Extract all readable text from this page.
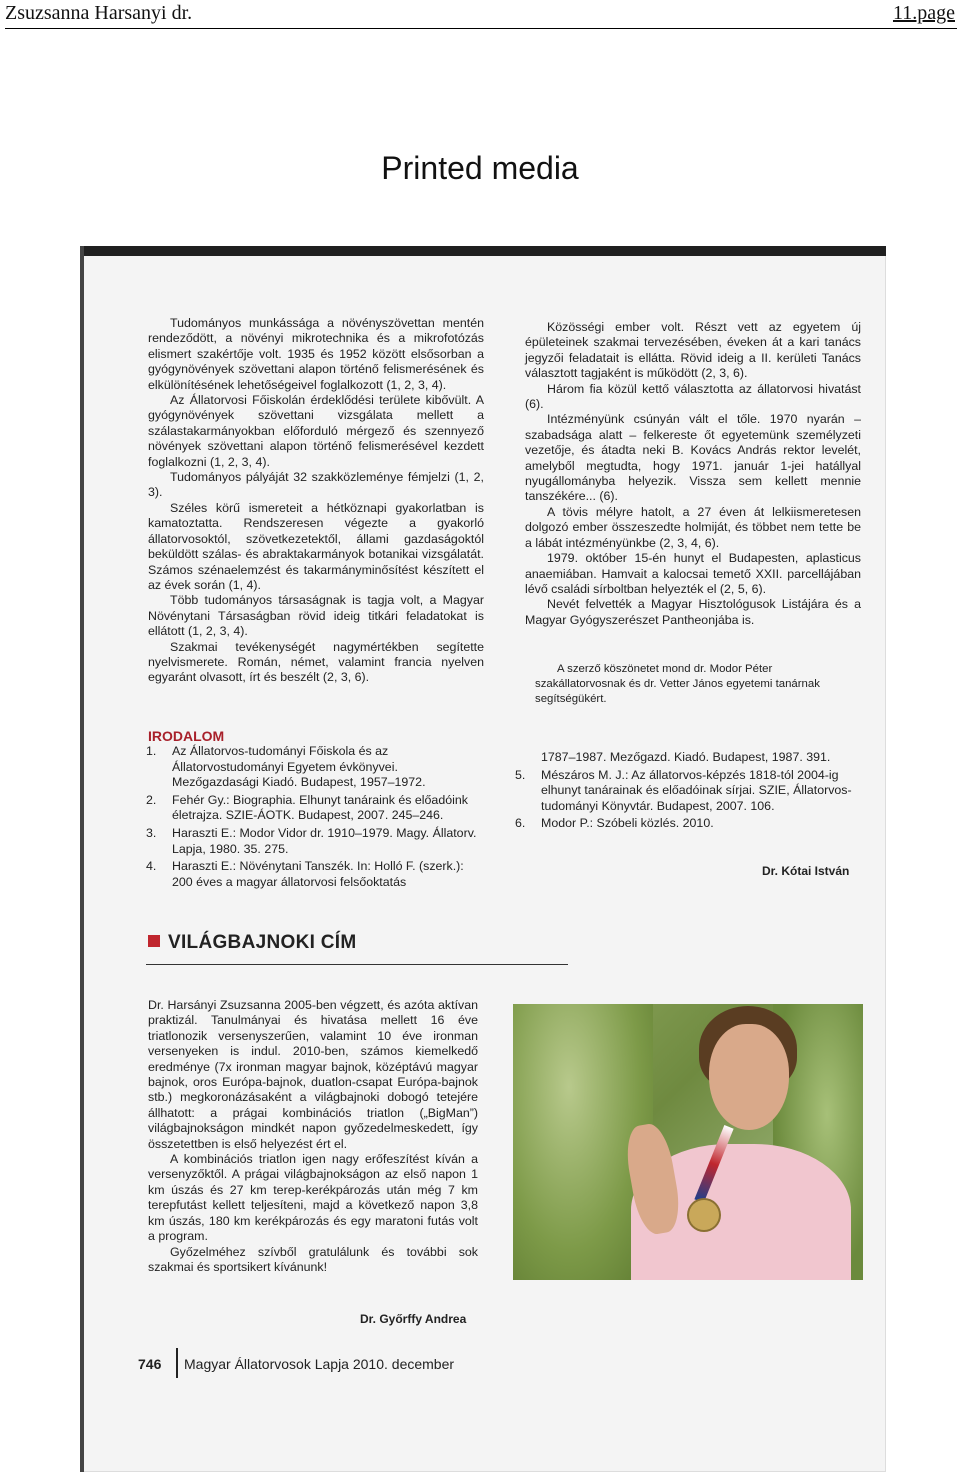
Zsuzsanna Harsanyi dr.	11.page
Printed media

Tudományos munkássága a növényszövettan mentén rendeződött, a növényi mikrotechnika és a mikrofotózás elismert szakértője volt. 1935 és 1952 között elsősorban a gyógynövények szövettani alapon történő felismerésének és elkülönítésének lehetőségeivel foglalkozott (1, 2, 3, 4).

Az Állatorvosi Főiskolán érdeklődési területe kibővült. A gyógynövények szövettani vizsgálata mellett a szálastakarmányokban előforduló mérgező és szennyező növények szövettani alapon történő felismerésével kezdett foglalkozni (1, 2, 3, 4).

Tudományos pályáját 32 szakközleménye fémjelzi (1, 2, 3).

Széles körű ismereteit a hétköznapi gyakorlatban is kamatoztatta. Rendszeresen végezte a gyakorló állatorvosoktól, szövetkezetektől, állami gazdaságoktól beküldött szálas- és abraktakarmányok botanikai vizsgálatát. Számos szénaelemzést és takarmányminősítést készített el az évek során (1, 4).

Több tudományos társaságnak is tagja volt, a Magyar Növénytani Társaságban rövid ideig titkári feladatokat is ellátott (1, 2, 3, 4).

Szakmai tevékenységét nagymértékben segítette nyelvismerete. Román, német, valamint francia nyelven egyaránt olvasott, írt és beszélt (2, 3, 6).

Közösségi ember volt. Részt vett az egyetem új épületeinek szakmai tervezésében, éveken át a kari tanács jegyzői feladatait is ellátta. Rövid ideig a II. kerületi Tanács választott tagjaként is működött (2, 3, 6).

Három fia közül kettő választotta az állatorvosi hivatást (6).

Intézményünk csúnyán vált el tőle. 1970 nyarán – szabadsága alatt – felkereste őt egyetemünk személyzeti vezetője, és átadta neki B. Kovács András rektor levelét, amelyből megtudta, hogy 1971. január 1-jei hatállyal nyugállományba helyezik. Vissza sem kellett mennie tanszékére... (6).

A tövis mélyre hatolt, a 27 éven át lelkiismeretesen dolgozó ember összeszedte holmiját, és többet nem tette be a lábát intézményünkbe (2, 3, 4, 6).

1979. október 15-én hunyt el Budapesten, aplasticus anaemiában. Hamvait a kalocsai temető XXII. parcellájában lévő családi sírboltban helyezték el (2, 5, 6).

Nevét felvették a Magyar Hisztológusok Listájára és a Magyar Gyógyszerészet Pantheonjába is.

A szerző köszönetet mond dr. Modor Péter szakállatorvosnak és dr. Vetter János egyetemi tanárnak segítségükért.
IRODALOM
1.	Az Állatorvos-tudományi Főiskola és az Állatorvostudományi Egyetem évkönyvei. Mezőgazdasági Kiadó. Budapest, 1957–1972.
2.	Fehér Gy.: Biographia. Elhunyt tanáraink és előadóink életrajza. SZIE-ÁOTK. Budapest, 2007. 245–246.
3.	Haraszti E.: Modor Vidor dr. 1910–1979. Magy. Állatorv. Lapja, 1980. 35. 275.
4.	Haraszti E.: Növénytani Tanszék. In: Holló F. (szerk.): 200 éves a magyar állatorvosi felsőoktatás
1787–1987. Mezőgazd. Kiadó. Budapest, 1987. 391.
5.	Mészáros M. J.: Az állatorvos-képzés 1818-tól 2004-ig elhunyt tanárainak és előadóinak sírjai. SZIE, Állatorvos-tudományi Könyvtár. Budapest, 2007. 106.
6.	Modor P.: Szóbeli közlés. 2010.
Dr. Kótai István
VILÁGBAJNOKI CÍM

Dr. Harsányi Zsuzsanna 2005-ben végzett, és azóta aktívan praktizál. Tanulmányai és hivatása mellett 16 éve triatlonozik versenyszerűen, valamint 10 éve ironman versenyeken is indul. 2010-ben, számos kiemelkedő eredménye (7x ironman magyar bajnok, középtávú magyar bajnok, oros Európa-bajnok, duatlon-csapat Európa-bajnok stb.) megkoronázásaként a világbajnoki dobogó tetejére állhatott: a prágai kombinációs triatlon („BigMan”) világbajnokságon mindkét napon győzedelmeskedett, így összetettben is első helyezést ért el.

A kombinációs triatlon igen nagy erőfeszítést kíván a versenyzőktől. A prágai világbajnokságon az első napon 1 km úszás és 27 km terep-kerékpározás után még 7 km terepfutást kellett teljesíteni, majd a következő napon 3,8 km úszás, 180 km kerékpározás és egy maratoni futás volt a program.

Győzelméhez szívből gratulálunk és további sok szakmai és sportsikert kívánunk!

Dr. Győrffy Andrea
746 Magyar Állatorvosok Lapja 2010. december
